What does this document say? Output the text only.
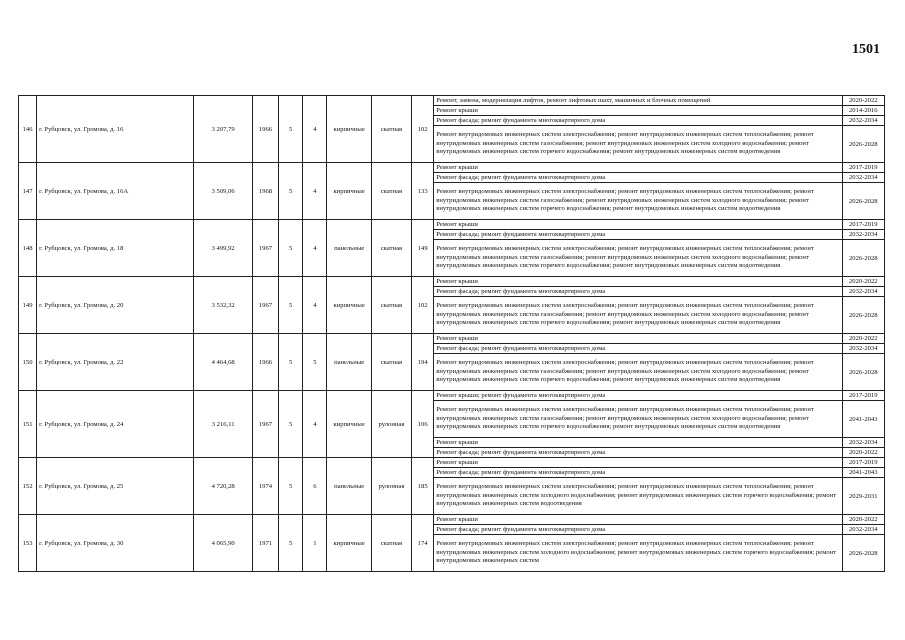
1501
146	г. Рубцовск, ул. Громова, д. 16	3 207,79	1966	5	4	кирпичные	скатная	102	Ремонт, замена, модернизация лифтов, ремонт лифтовых шахт, машинных и блочных помещений	2020-2022
									Ремонт крыши	2014-2016
									Ремонт фасада; ремонт фундамента многоквартирного дома	2032-2034
									Ремонт внутридомовых инженерных систем электроснабжения; ремонт внутридомовых инженерных систем теплоснабжения; ремонт внутридомовых инженерных систем газоснабжения; ремонт внутридомовых инженерных систем холодного водоснабжения; ремонт внутридомовых инженерных систем горячего водоснабжения; ремонт внутридомовых инженерных систем водоотведения	2026-2028
147	г. Рубцовск, ул. Громова, д. 16А	3 509,06	1968	5	4	кирпичные	скатная	133	Ремонт крыши	2017-2019
									Ремонт фасада; ремонт фундамента многоквартирного дома	2032-2034
									Ремонт внутридомовых инженерных систем электроснабжения; ремонт внутридомовых инженерных систем теплоснабжения; ремонт внутридомовых инженерных систем газоснабжения; ремонт внутридомовых инженерных систем холодного водоснабжения; ремонт внутридомовых инженерных систем горячего водоснабжения; ремонт внутридомовых инженерных систем водоотведения	2026-2028
148	г. Рубцовск, ул. Громова, д. 18	3 499,92	1967	5	4	панельные	скатная	149	Ремонт крыши	2017-2019
									Ремонт фасада; ремонт фундамента многоквартирного дома	2032-2034
									Ремонт внутридомовых инженерных систем электроснабжения; ремонт внутридомовых инженерных систем теплоснабжения; ремонт внутридомовых инженерных систем газоснабжения; ремонт внутридомовых инженерных систем холодного водоснабжения; ремонт внутридомовых инженерных систем горячего водоснабжения; ремонт внутридомовых инженерных систем водоотведения	2026-2028
149	г. Рубцовск, ул. Громова, д. 20	3 532,32	1967	5	4	кирпичные	скатная	102	Ремонт крыши	2020-2022
									Ремонт фасада; ремонт фундамента многоквартирного дома	2032-2034
									Ремонт внутридомовых инженерных систем электроснабжения; ремонт внутридомовых инженерных систем теплоснабжения; ремонт внутридомовых инженерных систем газоснабжения; ремонт внутридомовых инженерных систем холодного водоснабжения; ремонт внутридомовых инженерных систем горячего водоснабжения; ремонт внутридомовых инженерных систем водоотведения	2026-2028
150	г. Рубцовск, ул. Громова, д. 22	4 464,68	1966	5	5	панельные	скатная	194	Ремонт крыши	2020-2022
									Ремонт фасада; ремонт фундамента многоквартирного дома	2032-2034
									Ремонт внутридомовых инженерных систем электроснабжения; ремонт внутридомовых инженерных систем теплоснабжения; ремонт внутридомовых инженерных систем газоснабжения; ремонт внутридомовых инженерных систем холодного водоснабжения; ремонт внутридомовых инженерных систем горячего водоснабжения; ремонт внутридомовых инженерных систем водоотведения	2026-2028
151	г. Рубцовск, ул. Громова, д. 24	3 216,11	1967	5	4	кирпичные	рулонная	106	Ремонт крыши; ремонт фундамента многоквартирного дома	2017-2019
									Ремонт внутридомовых инженерных систем электроснабжения; ремонт внутридомовых инженерных систем теплоснабжения; ремонт внутридомовых инженерных систем газоснабжения; ремонт внутридомовых инженерных систем холодного водоснабжения; ремонт внутридомовых инженерных систем горячего водоснабжения; ремонт внутридомовых инженерных систем водоотведения	2041-2043
									Ремонт крыши	2032-2034
									Ремонт фасада; ремонт фундамента многоквартирного дома	2020-2022
152	г. Рубцовск, ул. Громова, д. 25	4 720,28	1974	5	6	панельные	рулонная	185	Ремонт крыши	2017-2019
									Ремонт фасада; ремонт фундамента многоквартирного дома	2041-2043
									Ремонт внутридомовых инженерных систем электроснабжения; ремонт внутридомовых инженерных систем теплоснабжения; ремонт внутридомовых инженерных систем холодного водоснабжения; ремонт внутридомовых инженерных систем горячего водоснабжения; ремонт внутридомовых инженерных систем водоотведения	2029-2031
153	г. Рубцовск, ул. Громова, д. 30	4 065,90	1971	5	1	кирпичные	скатная	174	Ремонт крыши	2020-2022
									Ремонт фасада; ремонт фундамента многоквартирного дома	2032-2034
									Ремонт внутридомовых инженерных систем электроснабжения; ремонт внутридомовых инженерных систем теплоснабжения; ремонт внутридомовых инженерных систем холодного водоснабжения; ремонт внутридомовых инженерных систем горячего водоснабжения; ремонт внутридомовых инженерных систем	2026-2028
